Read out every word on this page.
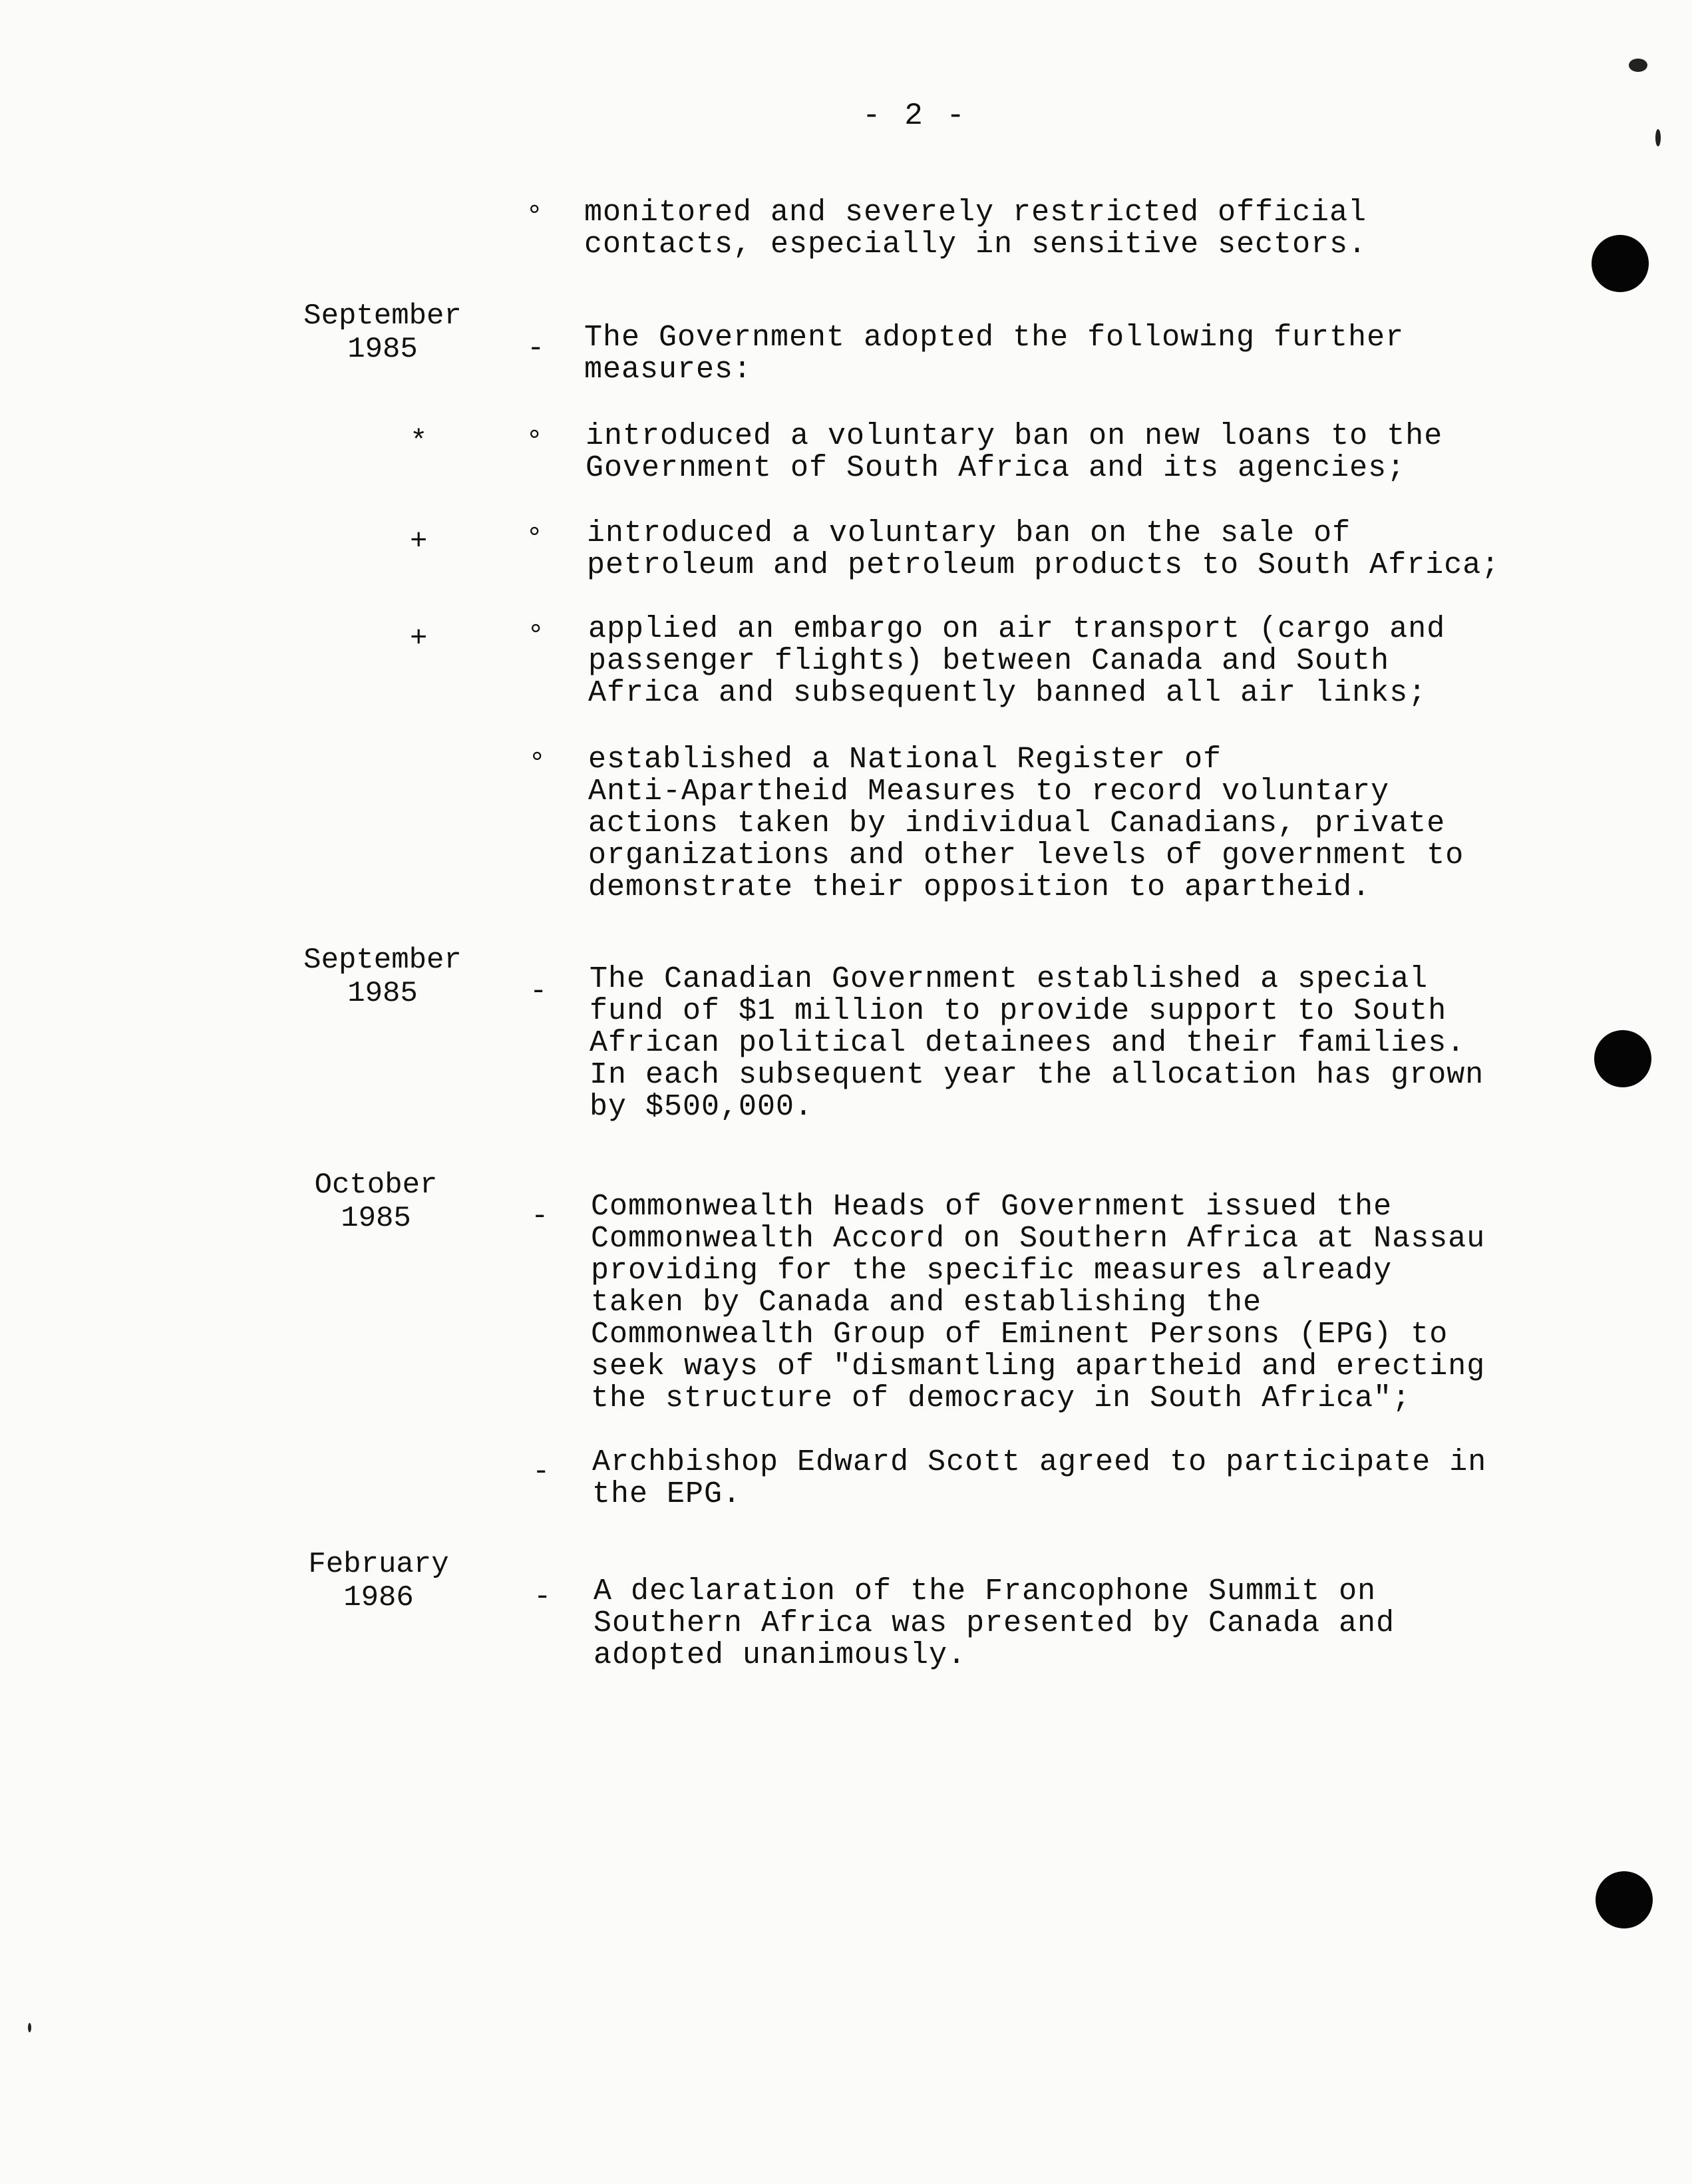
- 2 -
° monitored and severely restricted official
contacts, especially in sensitive sectors.
September
1985	- The Government adopted the following further
measures:
*	° introduced a voluntary ban on new loans to the
Government of South Africa and its agencies;
+	° introduced a voluntary ban on the sale of
petroleum and petroleum products to South Africa;
+	° applied an embargo on air transport (cargo and
passenger flights) between Canada and South
Africa and subsequently banned all air links;
° established a National Register of
Anti-Apartheid Measures to record voluntary
actions taken by individual Canadians, private
organizations and other levels of government to
demonstrate their opposition to apartheid.
September
1985	- The Canadian Government established a special
fund of $1 million to provide support to South
African political detainees and their families.
In each subsequent year the allocation has grown
by $500,000.
October
1985	- Commonwealth Heads of Government issued the
Commonwealth Accord on Southern Africa at Nassau
providing for the specific measures already
taken by Canada and establishing the
Commonwealth Group of Eminent Persons (EPG) to
seek ways of "dismantling apartheid and erecting
the structure of democracy in South Africa";
- Archbishop Edward Scott agreed to participate in
the EPG.
February
1986	- A declaration of the Francophone Summit on
Southern Africa was presented by Canada and
adopted unanimously.
